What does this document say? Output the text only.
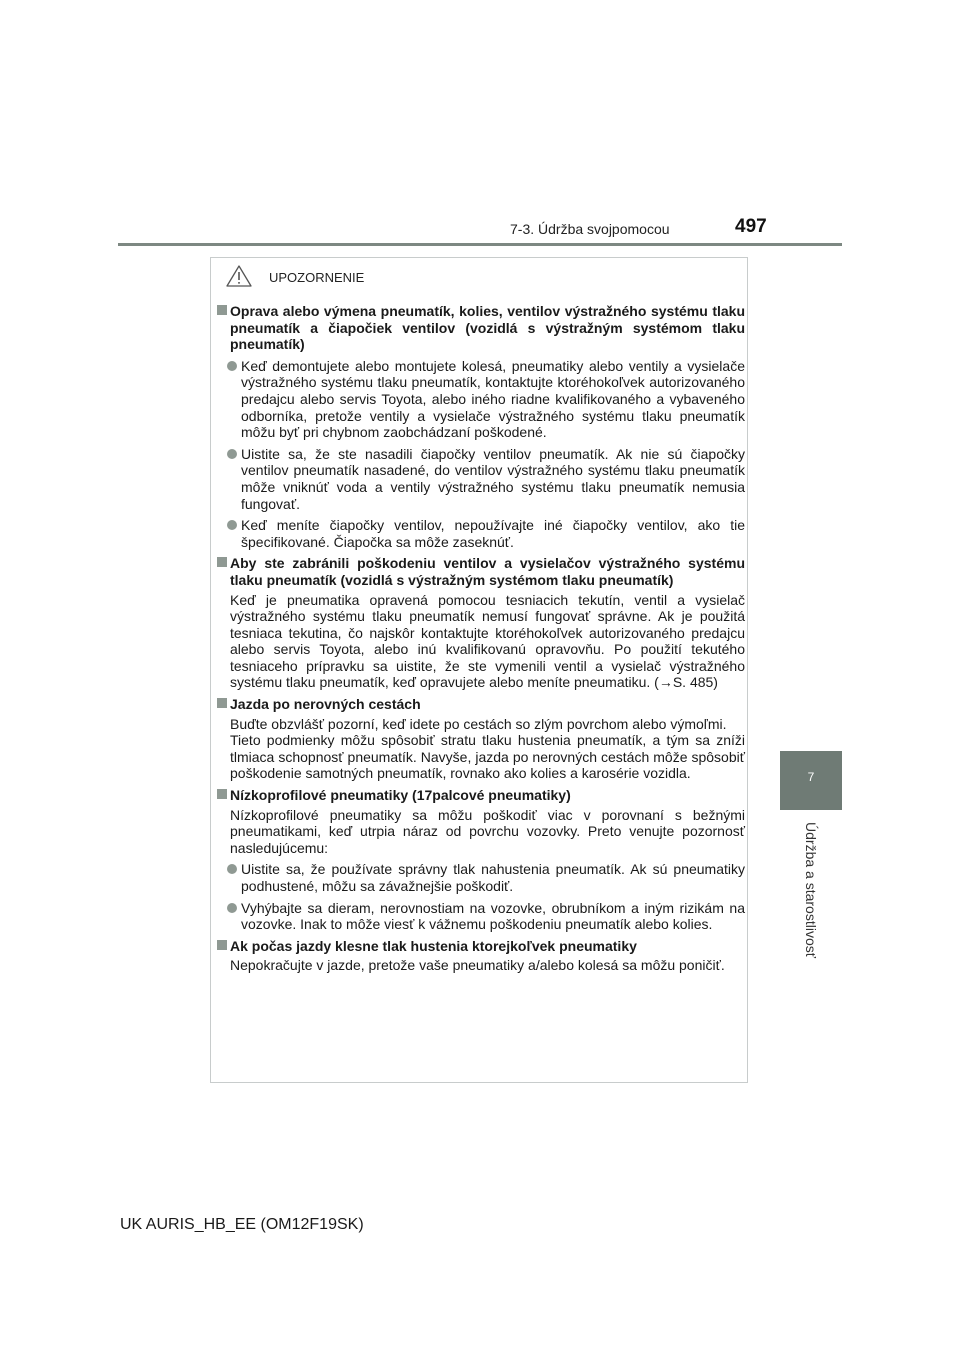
7-3. Údržba svojpomocou	497
7
Údržba a starostlivosť
UPOZORNENIE
Oprava alebo výmena pneumatík, kolies, ventilov výstražného systému tlaku pneumatík a čiapočiek ventilov (vozidlá s výstražným systémom tlaku pneumatík)
Keď demontujete alebo montujete kolesá, pneumatiky alebo ventily a vysielače výstražného systému tlaku pneumatík, kontaktujte ktoréhokoľvek autorizovaného predajcu alebo servis Toyota, alebo iného riadne kvalifikovaného a vybaveného odborníka, pretože ventily a vysielače výstražného systému tlaku pneumatík môžu byť pri chybnom zaobchádzaní poškodené.
Uistite sa, že ste nasadili čiapočky ventilov pneumatík. Ak nie sú čiapočky ventilov pneumatík nasadené, do ventilov výstražného systému tlaku pneumatík môže vniknúť voda a ventily výstražného systému tlaku pneumatík nemusia fungovať.
Keď meníte čiapočky ventilov, nepoužívajte iné čiapočky ventilov, ako tie špecifikované. Čiapočka sa môže zaseknúť.
Aby ste zabránili poškodeniu ventilov a vysielačov výstražného systému tlaku pneumatík (vozidlá s výstražným systémom tlaku pneumatík)
Keď je pneumatika opravená pomocou tesniacich tekutín, ventil a vysielač výstražného systému tlaku pneumatík nemusí fungovať správne. Ak je použitá tesniaca tekutina, čo najskôr kontaktujte ktoréhokoľvek autorizovaného predajcu alebo servis Toyota, alebo inú kvalifikovanú opravovňu. Po použití tekutého tesniaceho prípravku sa uistite, že ste vymenili ventil a vysielač výstražného systému tlaku pneumatík, keď opravujete alebo meníte pneumatiku. (→S. 485)
Jazda po nerovných cestách
Buďte obzvlášť pozorní, keď idete po cestách so zlým povrchom alebo výmoľmi.
Tieto podmienky môžu spôsobiť stratu tlaku hustenia pneumatík, a tým sa zníži tlmiaca schopnosť pneumatík. Navyše, jazda po nerovných cestách môže spôsobiť poškodenie samotných pneumatík, rovnako ako kolies a karosérie vozidla.
Nízkoprofilové pneumatiky (17palcové pneumatiky)
Nízkoprofilové pneumatiky sa môžu poškodiť viac v porovnaní s bežnými pneumatikami, keď utrpia náraz od povrchu vozovky. Preto venujte pozornosť nasledujúcemu:
Uistite sa, že používate správny tlak nahustenia pneumatík. Ak sú pneumatiky podhustené, môžu sa závažnejšie poškodiť.
Vyhýbajte sa dieram, nerovnostiam na vozovke, obrubníkom a iným rizikám na vozovke. Inak to môže viesť k vážnemu poškodeniu pneumatík alebo kolies.
Ak počas jazdy klesne tlak hustenia ktorejkoľvek pneumatiky
Nepokračujte v jazde, pretože vaše pneumatiky a/alebo kolesá sa môžu poničiť.
UK AURIS_HB_EE (OM12F19SK)
